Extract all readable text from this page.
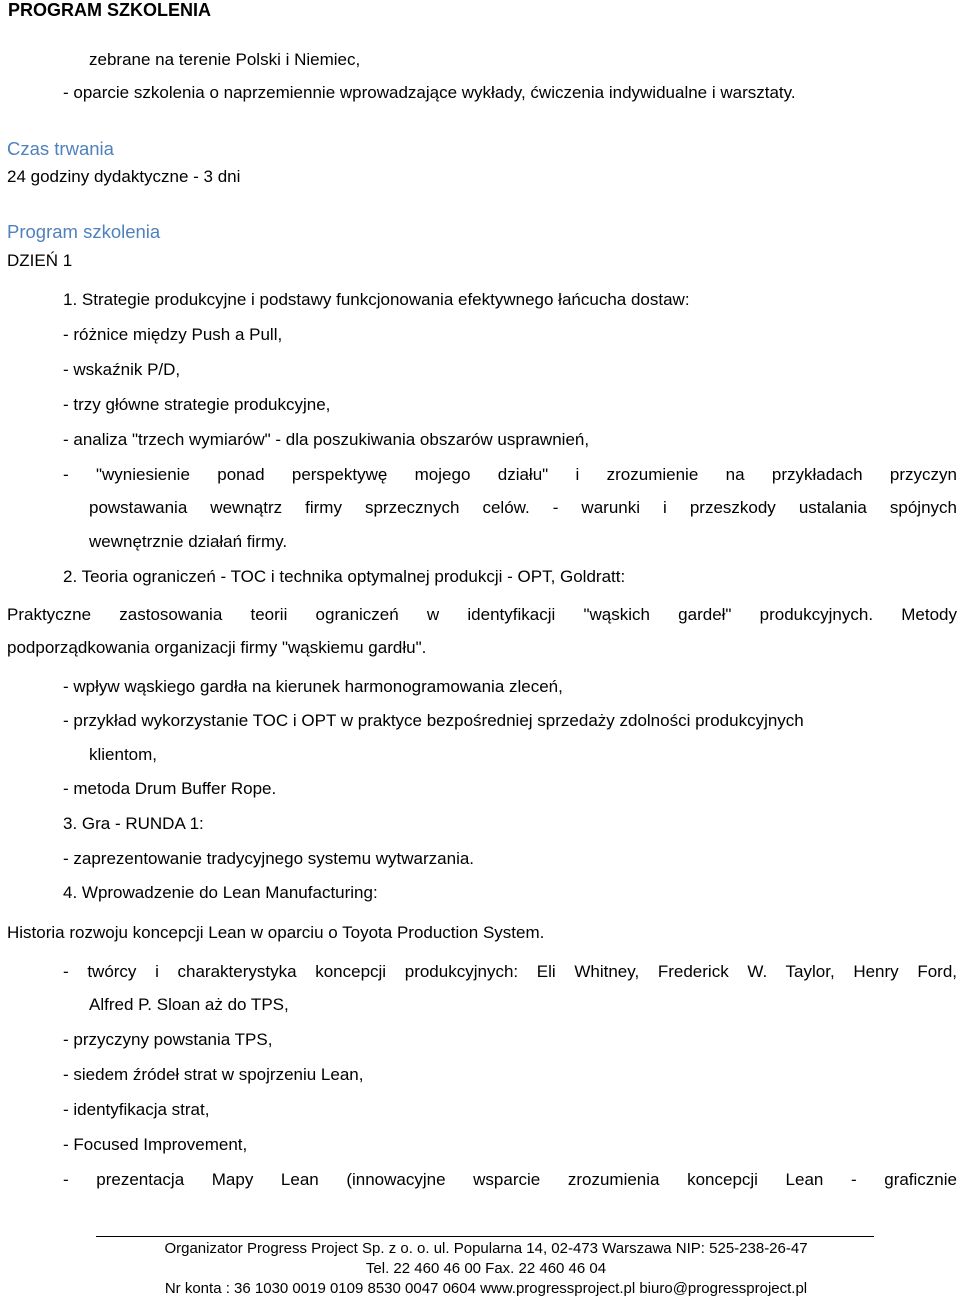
PROGRAM SZKOLENIA
zebrane na terenie Polski i Niemiec,
- oparcie szkolenia o naprzemiennie wprowadzające wykłady, ćwiczenia indywidualne i warsztaty.
Czas trwania
24 godziny dydaktyczne - 3 dni
Program szkolenia
DZIEŃ 1
1. Strategie produkcyjne i podstawy funkcjonowania efektywnego łańcucha dostaw:
- różnice między Push a Pull,
- wskaźnik P/D,
- trzy główne strategie produkcyjne,
- analiza "trzech wymiarów" - dla poszukiwania obszarów usprawnień,
- "wyniesienie ponad perspektywę mojego działu" i zrozumienie na przykładach przyczyn
powstawania wewnątrz firmy sprzecznych celów. - warunki i przeszkody ustalania spójnych
wewnętrznie działań firmy.
2. Teoria ograniczeń - TOC i technika optymalnej produkcji - OPT, Goldratt:
Praktyczne zastosowania teorii ograniczeń w identyfikacji "wąskich gardeł" produkcyjnych. Metody
podporządkowania organizacji firmy "wąskiemu gardłu".
- wpływ wąskiego gardła na kierunek harmonogramowania zleceń,
- przykład wykorzystanie TOC i OPT w praktyce bezpośredniej sprzedaży zdolności produkcyjnych
klientom,
- metoda Drum Buffer Rope.
3. Gra - RUNDA 1:
- zaprezentowanie tradycyjnego systemu wytwarzania.
4. Wprowadzenie do Lean Manufacturing:
Historia rozwoju koncepcji Lean w oparciu o Toyota Production System.
- twórcy i charakterystyka koncepcji produkcyjnych: Eli Whitney, Frederick W. Taylor, Henry Ford,
Alfred P. Sloan aż do TPS,
- przyczyny powstania TPS,
- siedem źródeł strat w spojrzeniu Lean,
- identyfikacja strat,
- Focused Improvement,
- prezentacja Mapy Lean (innowacyjne wsparcie zrozumienia koncepcji Lean - graficznie
Organizator Progress Project Sp. z o. o. ul. Popularna 14, 02-473 Warszawa NIP: 525-238-26-47
Tel. 22 460 46 00 Fax. 22 460 46 04
Nr konta : 36 1030 0019 0109 8530 0047 0604 www.progressproject.pl biuro@progressproject.pl
